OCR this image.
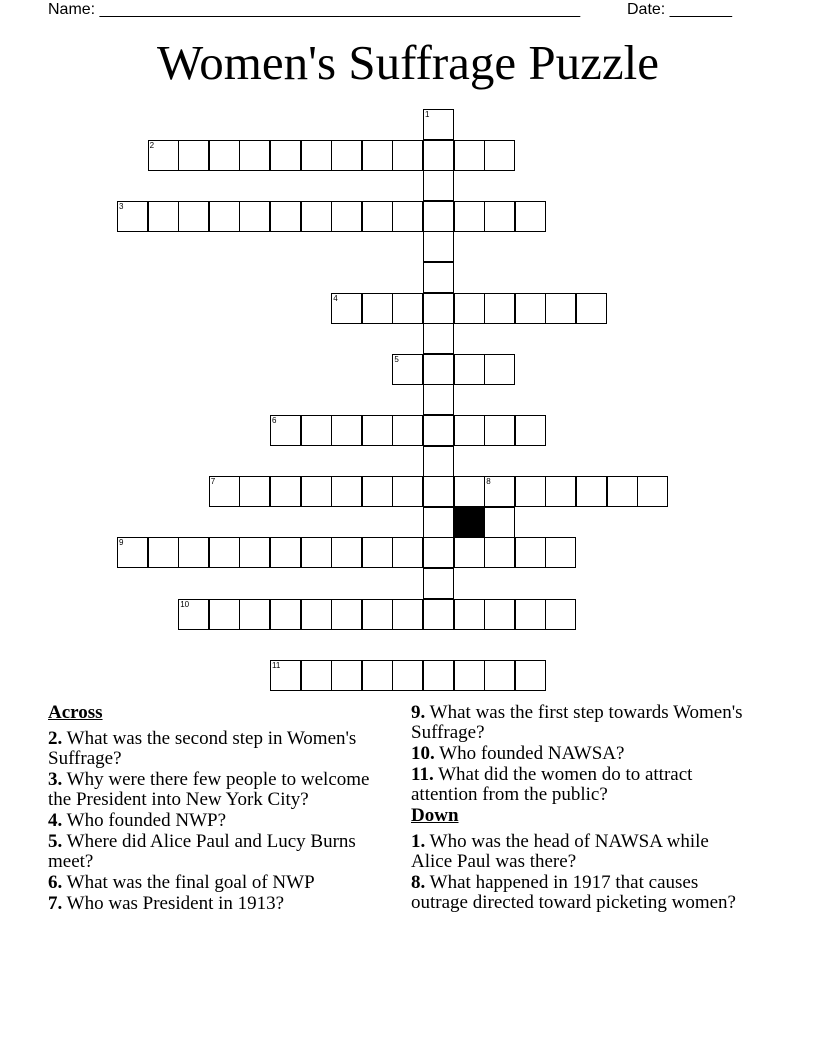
Name: ______________________________________________________	Date: _______
Women's Suffrage Puzzle
2
3
4
5
6
7
9
10
11
1
8
Across
2. What was the second step in Women's Suffrage?
3. Why were there few people to welcome the President into New York City?
4. Who founded NWP?
5. Where did Alice Paul and Lucy Burns meet?
6. What was the final goal of NWP
7. Who was President in 1913?
9. What was the first step towards Women's Suffrage?
10. Who founded NAWSA?
11. What did the women do to attract attention from the public?
Down
1. Who was the head of NAWSA while Alice Paul was there?
8. What happened in 1917 that causes outrage directed toward picketing women?
